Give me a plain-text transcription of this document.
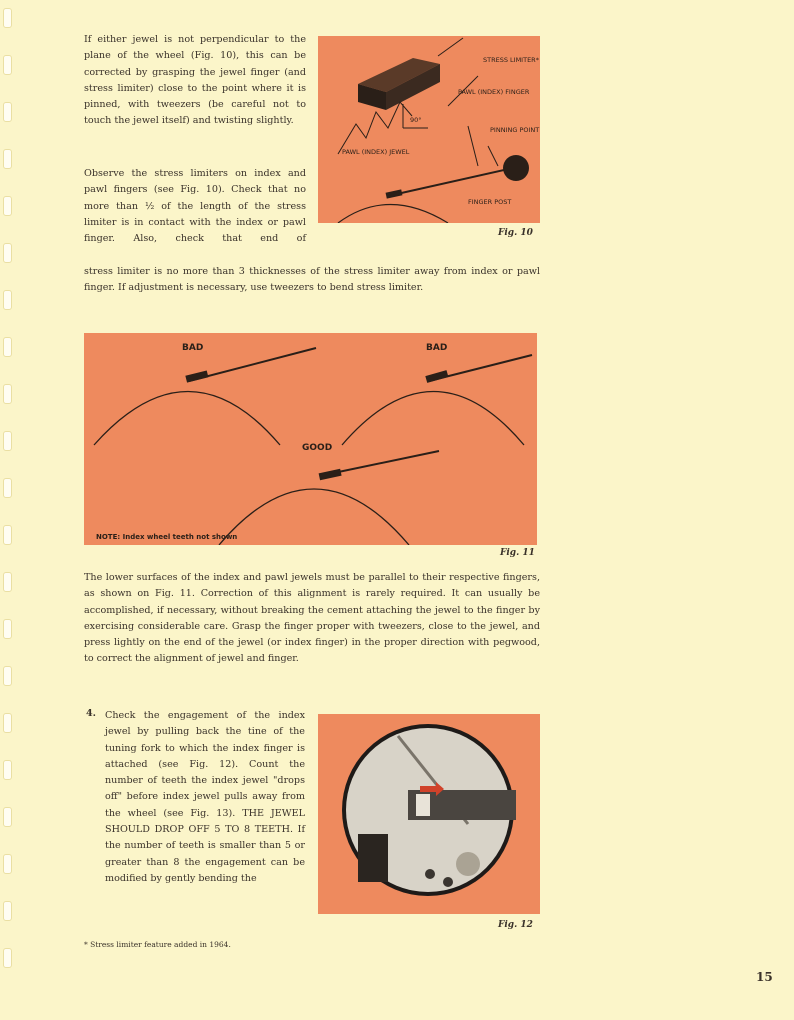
If either jewel is not perpendicular to the plane of the wheel (Fig. 10), this can be corrected by grasping the jewel finger (and stress limiter) close to the point where it is pinned, with tweezers (be careful not to touch the jewel itself) and twisting slightly.

Observe the stress limiters on index and pawl fingers (see Fig. 10). Check that no more than ½ of the length of the stress limiter is in contact with the index or pawl finger. Also, check that end of

stress limiter is no more than 3 thicknesses of the stress limiter away from index or pawl finger. If adjustment is necessary, use tweezers to bend stress limiter.

STRESS LIMITER*
PAWL (INDEX) FINGER
PINNING POINT
90°
PAWL (INDEX) JEWEL
FINGER POST
Fig. 10
BAD	BAD
GOOD
NOTE: Index wheel teeth not shown
Fig. 11

The lower surfaces of the index and pawl jewels must be parallel to their respective fingers, as shown on Fig. 11. Correction of this alignment is rarely required. It can usually be accomplished, if necessary, without breaking the cement attaching the jewel to the finger by exercising considerable care. Grasp the finger proper with tweezers, close to the jewel, and press lightly on the end of the jewel (or index finger) in the proper direction with pegwood, to correct the alignment of jewel and finger.

4. Check the engagement of the index jewel by pulling back the tine of the tuning fork to which the index finger is attached (see Fig. 12). Count the number of teeth the index jewel "drops off" before index jewel pulls away from the wheel (see Fig. 13). THE JEWEL SHOULD DROP OFF 5 TO 8 TEETH. If the number of teeth is smaller than 5 or greater than 8 the engagement can be modified by gently bending the

Fig. 12
* Stress limiter feature added in 1964.
15
